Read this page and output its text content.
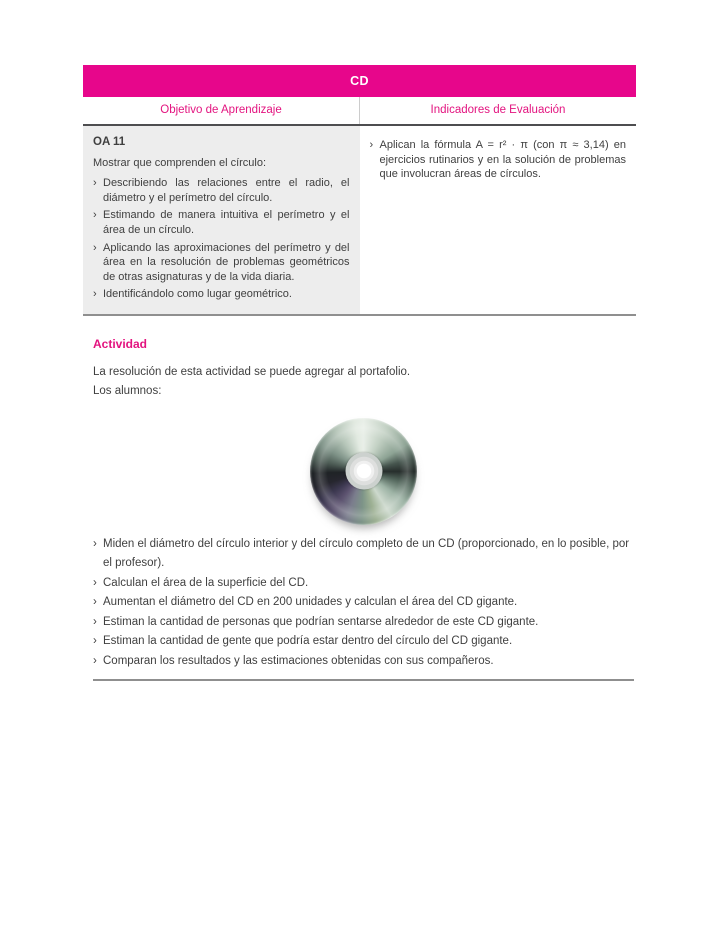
CD
Objetivo de Aprendizaje	Indicadores de Evaluación
OA 11
Mostrar que comprenden el círculo:
› Describiendo las relaciones entre el radio, el diámetro y el perímetro del círculo.
› Estimando de manera intuitiva el perímetro y el área de un círculo.
› Aplicando las aproximaciones del perímetro y del área en la resolución de problemas geométricos de otras asignaturas y de la vida diaria.
› Identificándolo como lugar geométrico.
› Aplican la fórmula A = r² · π (con π ≈ 3,14) en ejercicios rutinarios y en la solución de problemas que involucran áreas de círculos.
Actividad
La resolución de esta actividad se puede agregar al portafolio.
Los alumnos:
› Miden el diámetro del círculo interior y del círculo completo de un CD (proporcionado, en lo posible, por el profesor).
› Calculan el área de la superficie del CD.
› Aumentan el diámetro del CD en 200 unidades y calculan el área del CD gigante.
› Estiman la cantidad de personas que podrían sentarse alrededor de este CD gigante.
› Estiman la cantidad de gente que podría estar dentro del círculo del CD gigante.
› Comparan los resultados y las estimaciones obtenidas con sus compañeros.
